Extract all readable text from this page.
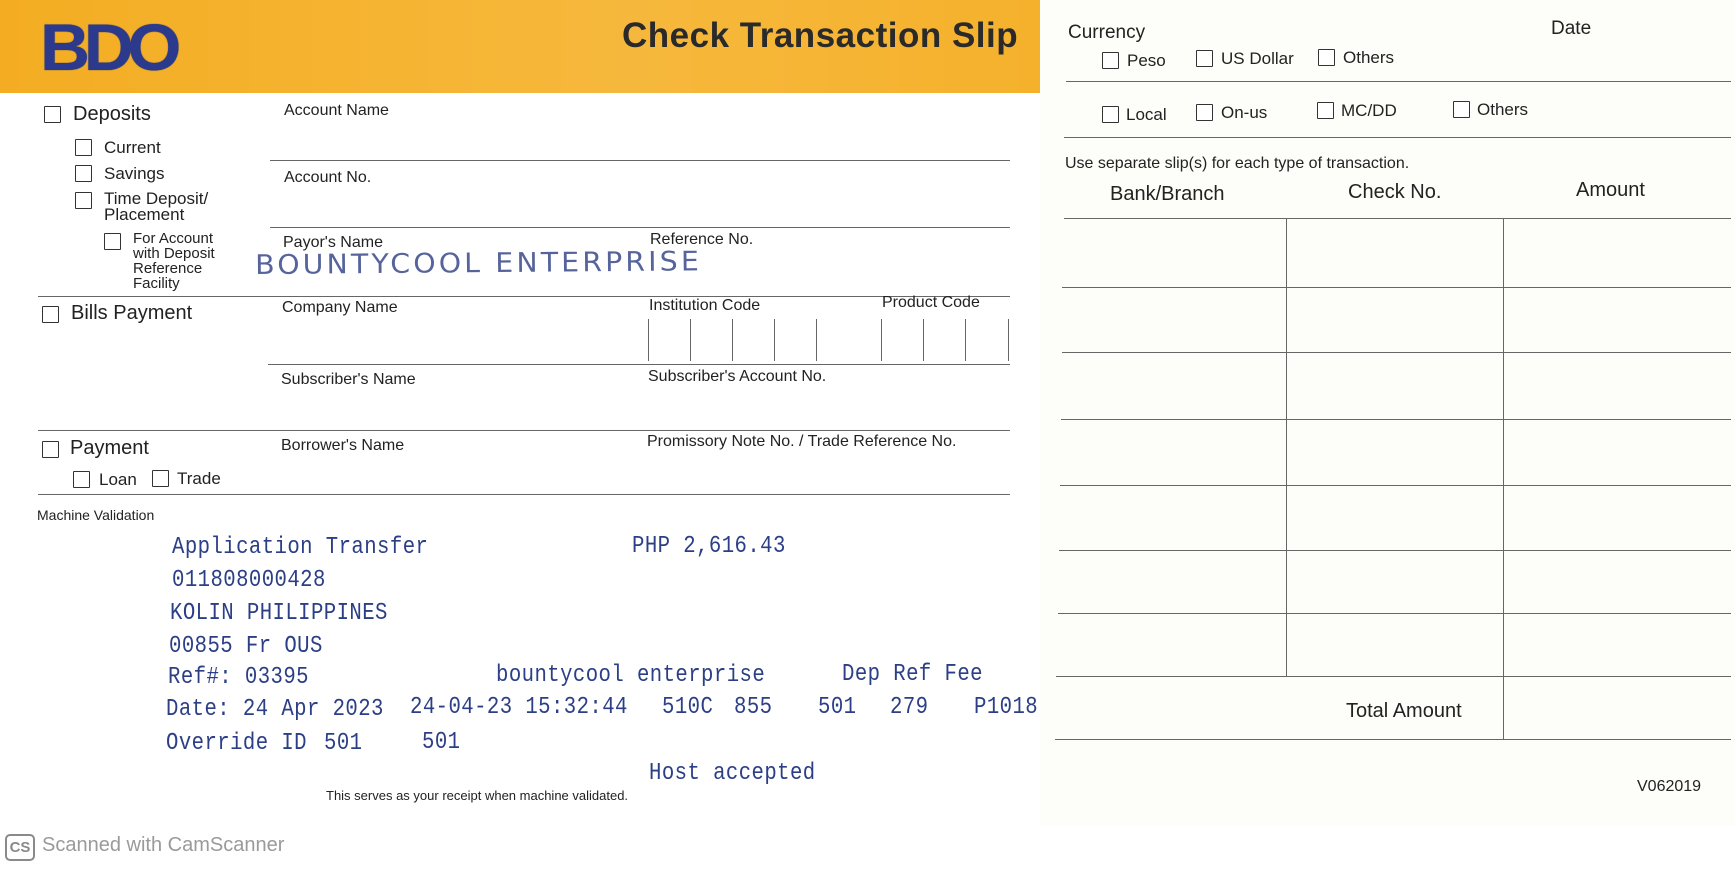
BDO	Check Transaction Slip
Deposits
Current
Savings
Time Deposit/
Placement
For Account
with Deposit
Reference
Facility
Bills Payment
Payment
Loan Trade
Account Name
Account No.
Payor's Name	Reference No.
Company Name	Institution Code	Product Code
Subscriber's Name	Subscriber's Account No.
Borrower's Name	Promissory Note No. / Trade Reference No.
BOUNTYCOOL ENTERPRISE
Machine Validation
Application Transfer	PHP 2,616.43
011808000428
KOLIN PHILIPPINES
00855 Fr OUS
Ref#: 03395	bountycool enterprise	Dep Ref Fee
Date: 24 Apr 2023 24-04-23 15:32:44 510C 855 501 279 P1018
Override ID 501 501
Host accepted
This serves as your receipt when machine validated.
Currency	Date
Peso	US Dollar	Others
Local	On-us	MC/DD	Others
Use separate slip(s) for each type of transaction.
Bank/Branch	Check No.	Amount
Total Amount
V062019
CS Scanned with CamScanner
